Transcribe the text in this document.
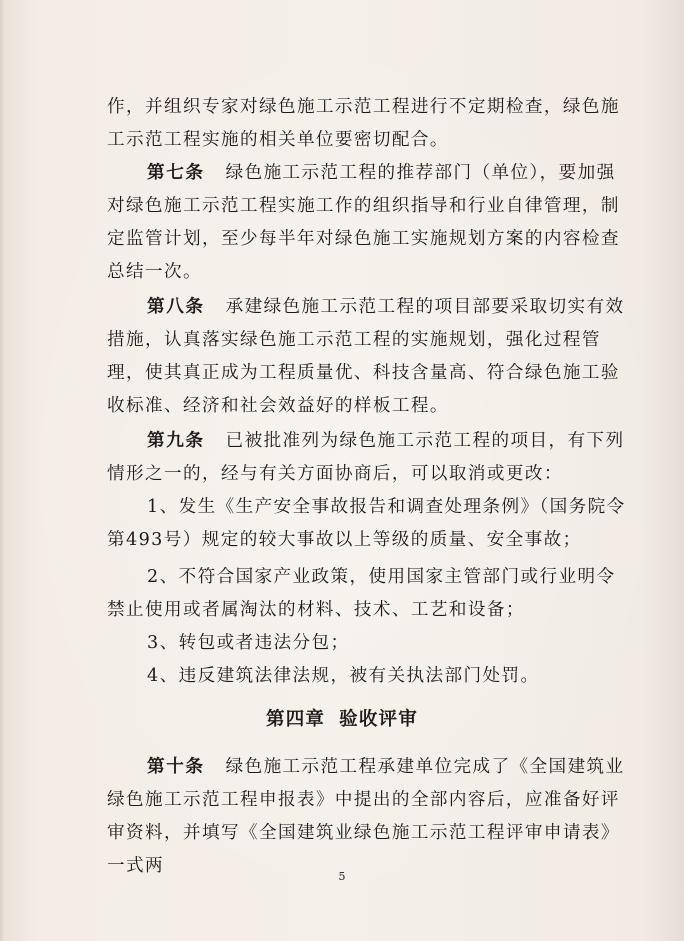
作，并组织专家对绿色施工示范工程进行不定期检查，绿色施工示范工程实施的相关单位要密切配合。

第七条 绿色施工示范工程的推荐部门（单位），要加强对绿色施工示范工程实施工作的组织指导和行业自律管理，制定监管计划，至少每半年对绿色施工实施规划方案的内容检查总结一次。

第八条 承建绿色施工示范工程的项目部要采取切实有效措施，认真落实绿色施工示范工程的实施规划，强化过程管理，使其真正成为工程质量优、科技含量高、符合绿色施工验收标准、经济和社会效益好的样板工程。

第九条 已被批准列为绿色施工示范工程的项目，有下列情形之一的，经与有关方面协商后，可以取消或更改：

1、发生《生产安全事故报告和调查处理条例》（国务院令第493号）规定的较大事故以上等级的质量、安全事故；

2、不符合国家产业政策，使用国家主管部门或行业明令禁止使用或者属淘汰的材料、技术、工艺和设备；

3、转包或者违法分包；

4、违反建筑法律法规，被有关执法部门处罚。

第四章 验收评审

第十条 绿色施工示范工程承建单位完成了《全国建筑业绿色施工示范工程申报表》中提出的全部内容后，应准备好评审资料，并填写《全国建筑业绿色施工示范工程评审申请表》一式两

5
